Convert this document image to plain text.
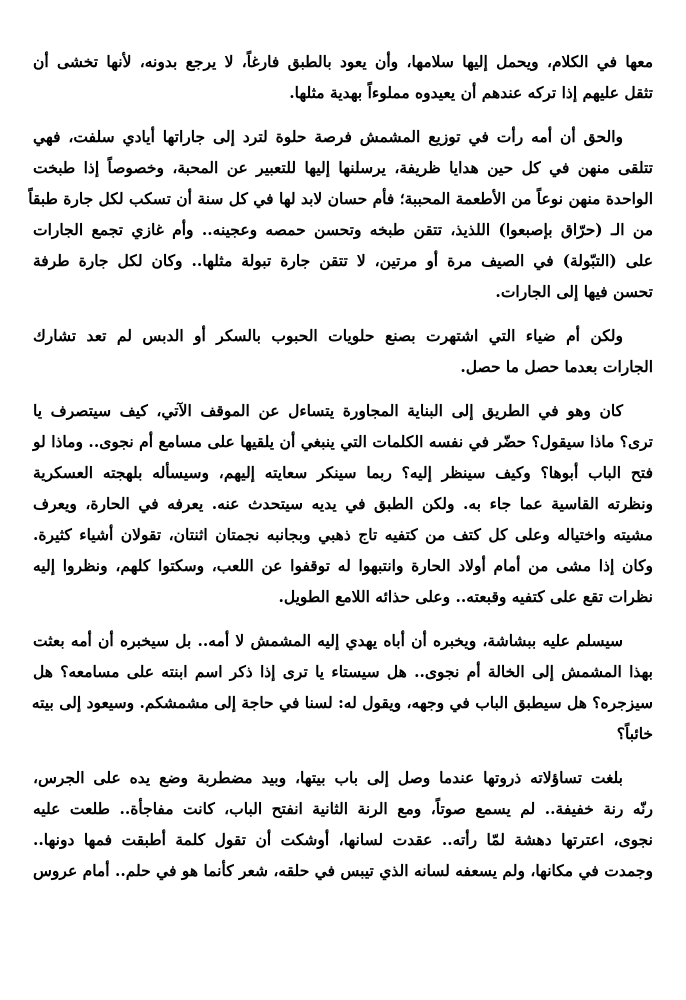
معها في الكلام، ويحمل إليها سلامها، وأن يعود بالطبق فارغاً، لا يرجع بدونه، لأنها تخشى أن
تثقل عليهم إذا تركه عندهم أن يعيدوه مملوءاً بهدية مثلها.
والحق أن أمه رأت في توزيع المشمش فرصة حلوة لترد إلى جاراتها أيادي سلفت، فهي
تتلقى منهن في كل حين هدايا ظريفة، يرسلنها إليها للتعبير عن المحبة، وخصوصاً إذا طبخت
الواحدة منهن نوعاً من الأطعمة المحببة؛ فأم حسان لابد لها في كل سنة أن تسكب لكل جارة طبقاً
من الـ (حرّاق بإصبعوا) اللذيذ، تتقن طبخه وتحسن حمصه وعجينه.. وأم غازي تجمع الجارات
على (التبّولة) في الصيف مرة أو مرتين، لا تتقن جارة تبولة مثلها.. وكان لكل جارة طرفة
تحسن فيها إلى الجارات.
ولكن أم ضياء التي اشتهرت بصنع حلويات الحبوب بالسكر أو الدبس لم تعد تشارك
الجارات بعدما حصل ما حصل.
كان وهو في الطريق إلى البناية المجاورة يتساءل عن الموقف الآتي، كيف سيتصرف يا
ترى؟ ماذا سيقول؟ حضّر في نفسه الكلمات التي ينبغي أن يلقيها على مسامع أم نجوى.. وماذا لو
فتح الباب أبوها؟ وكيف سينظر إليه؟ ربما سينكر سعايته إليهم، وسيسأله بلهجته العسكرية
ونظرته القاسية عما جاء به. ولكن الطبق في يديه سيتحدث عنه. يعرفه في الحارة، ويعرف
مشيته واختياله وعلى كل كتف من كتفيه تاج ذهبي وبجانبه نجمتان اثنتان، تقولان أشياء كثيرة.
وكان إذا مشى من أمام أولاد الحارة وانتبهوا له توقفوا عن اللعب، وسكتوا كلهم، ونظروا إليه
نظرات تقع على كتفيه وقبعته.. وعلى حذائه اللامع الطويل.
سيسلم عليه ببشاشة، ويخبره أن أباه يهدي إليه المشمش لا أمه.. بل سيخبره أن أمه بعثت
بهذا المشمش إلى الخالة أم نجوى.. هل سيستاء يا ترى إذا ذكر اسم ابنته على مسامعه؟ هل
سيزجره؟ هل سيطبق الباب في وجهه، ويقول له: لسنا في حاجة إلى مشمشكم. وسيعود إلى بيته
خائباً؟
بلغت تساؤلاته ذروتها عندما وصل إلى باب بيتها، وبيد مضطربة وضع يده على الجرس،
رنّه رنة خفيفة.. لم يسمع صوتاً، ومع الرنة الثانية انفتح الباب، كانت مفاجأة.. طلعت عليه
نجوى، اعترتها دهشة لمّا رأته.. عقدت لسانها، أوشكت أن تقول كلمة أطبقت فمها دونها..
وجمدت في مكانها، ولم يسعفه لسانه الذي تيبس في حلقه، شعر كأنما هو في حلم.. أمام عروس
